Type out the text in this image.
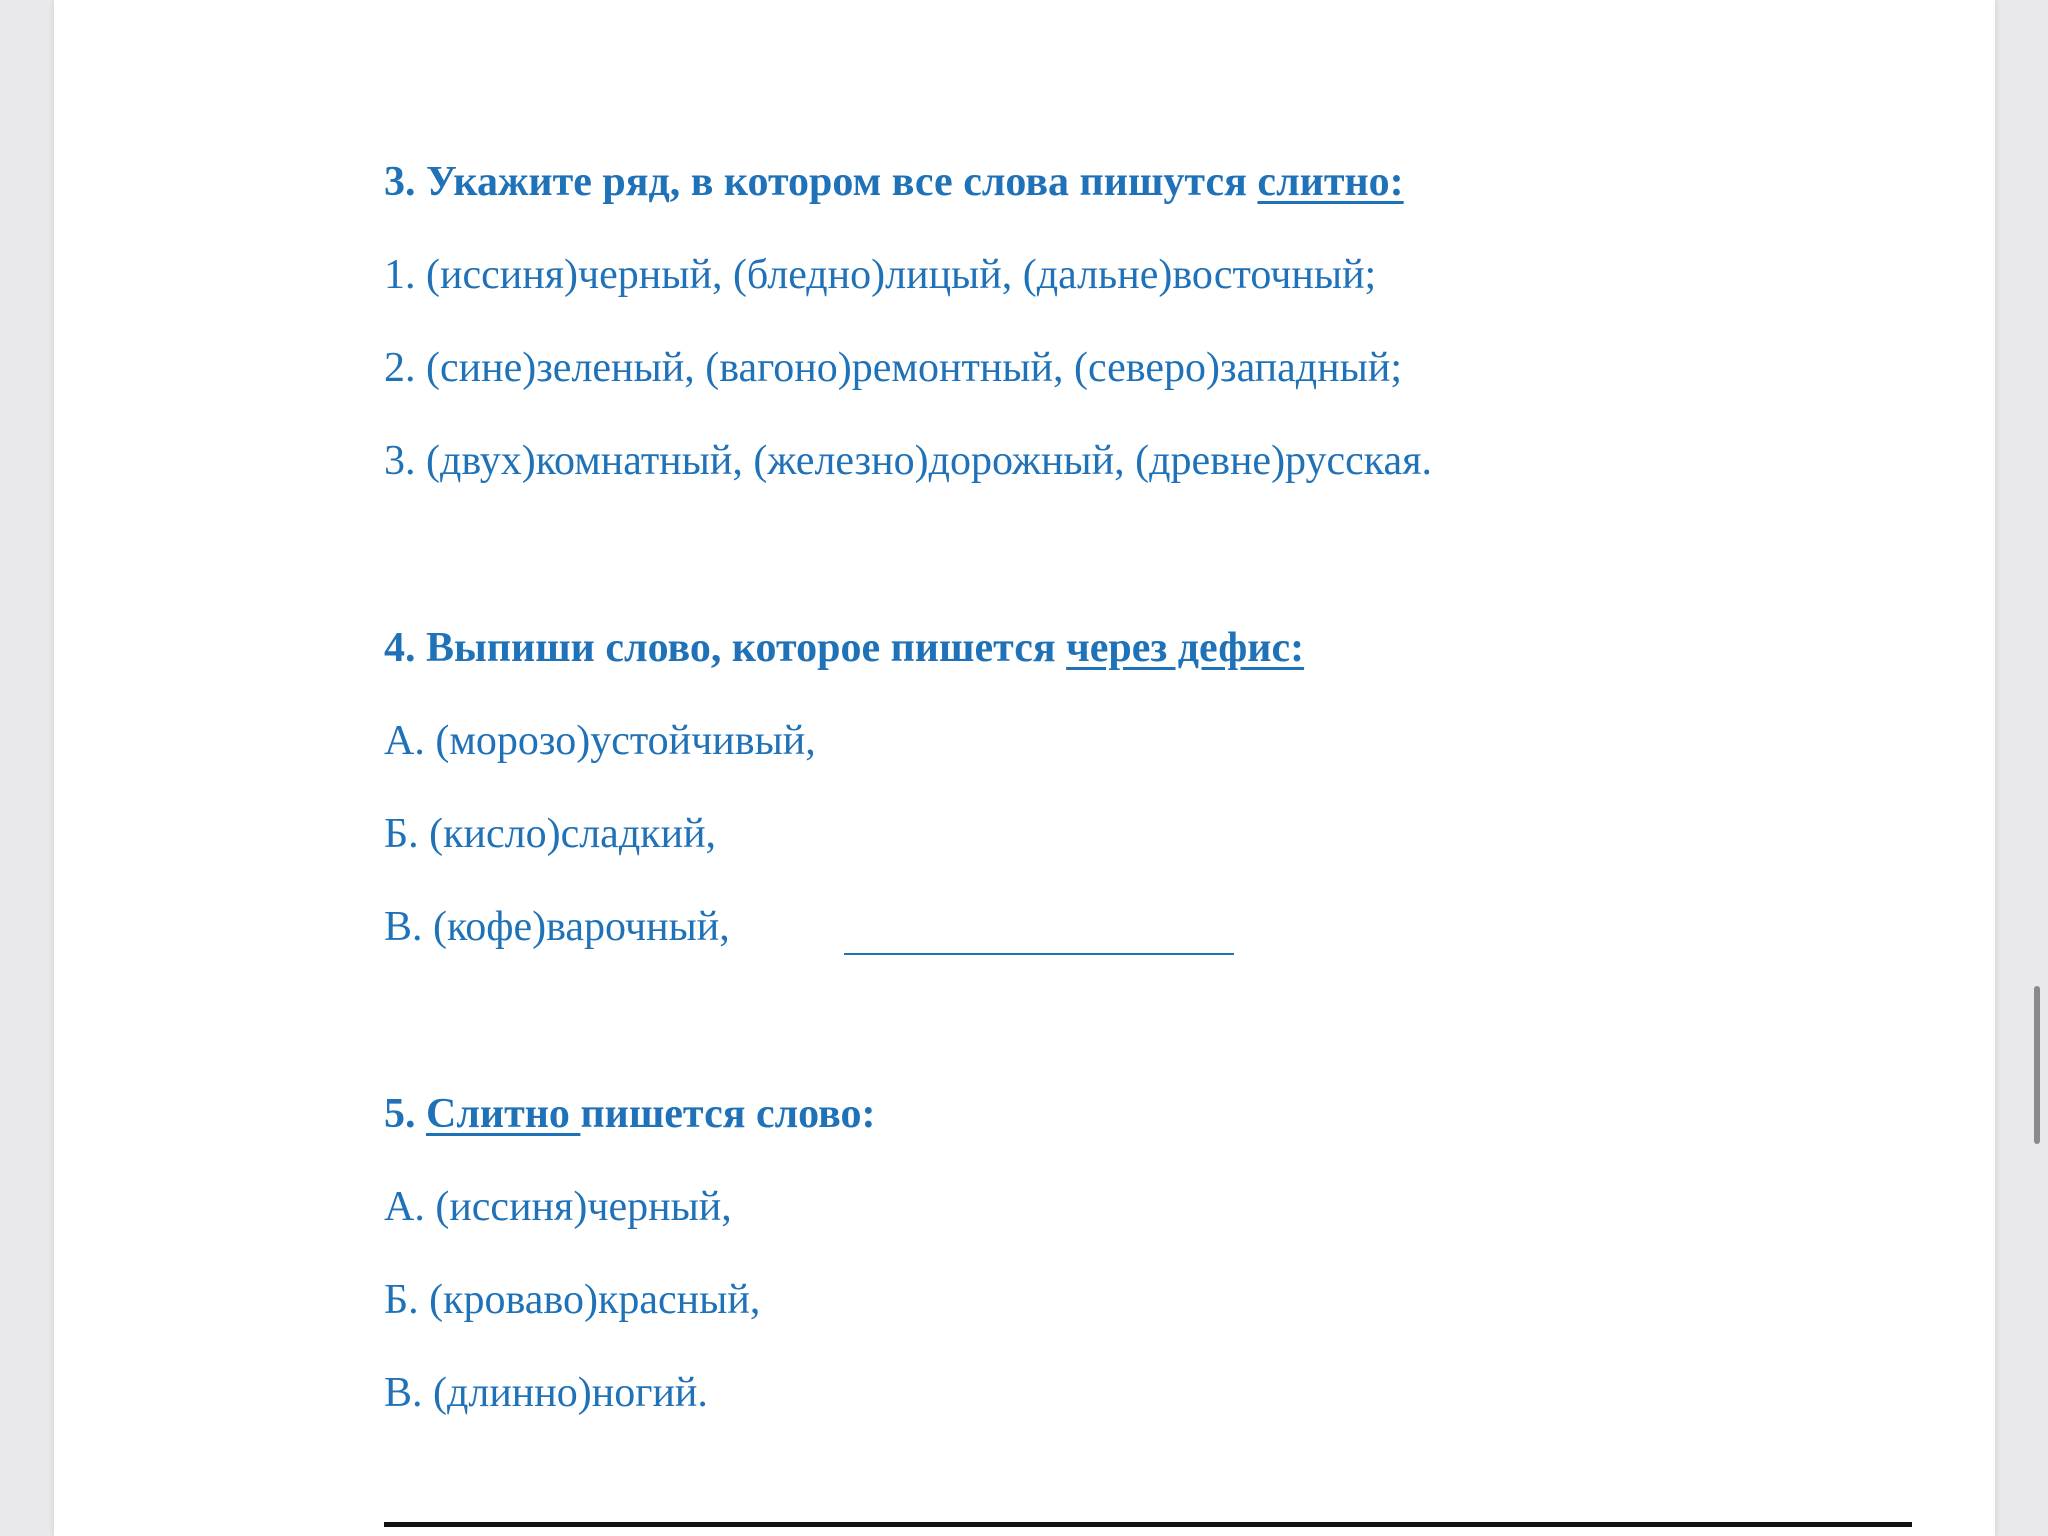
3. Укажите ряд, в котором все слова пишутся слитно:

1. (иссиня)черный, (бледно)лицый, (дальне)восточный;

2. (сине)зеленый, (вагоно)ремонтный, (северо)западный;

3. (двух)комнатный, (железно)дорожный, (древне)русская.

4. Выпиши слово, которое пишется через дефис:

А. (морозо)устойчивый,

Б. (кисло)сладкий,

В. (кофе)варочный,

5. Слитно пишется слово:

А. (иссиня)черный,

Б. (кроваво)красный,

В. (длинно)ногий.
